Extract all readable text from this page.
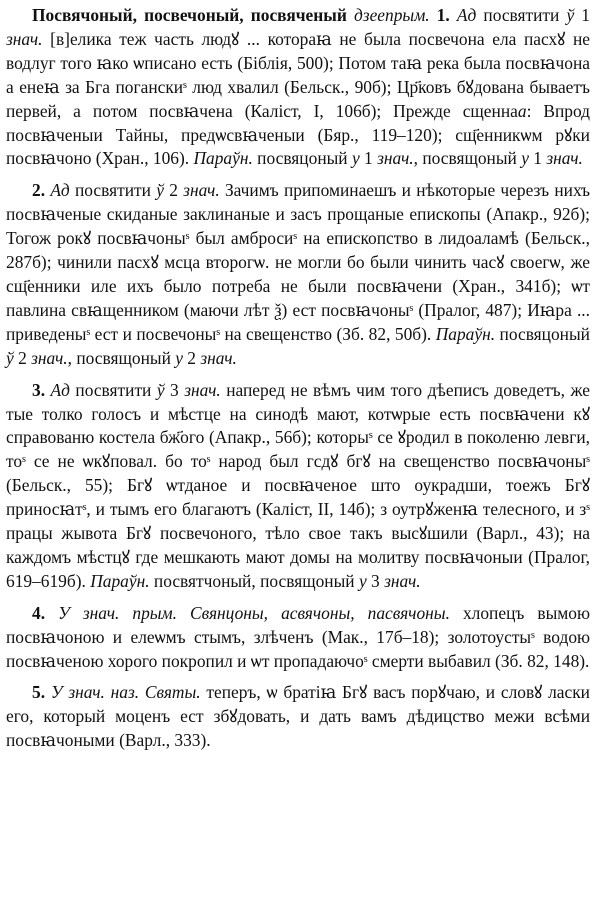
Посвячоный, посвечоный, посвяченый дзеепрым. 1. Ад посвятити ў 1 знач. [в]елика теж часть людꙋ ... котораꙗ не была посвечона ела пасхꙋ не водлуг того ꙗко ѡписано есть (Біблія, 500); Потом таꙗ река была посвꙗчона а енеꙗ за Бга поганскиˢ люд хвалил (Бельск., 90б); Цр҃ковъ бꙋдована бываетъ первей, а потом посвꙗчена (Каліст, I, 106б); Прежде сщеннаа: Впрод посвꙗченыи Тайны, предѡсвꙗченыи (Бяр., 119–120); сщ҃енникѡм рꙋки посвꙗчоно (Хран., 106). Параўн. посвяцоный у 1 знач., посвящоный у 1 знач.

2. Ад посвятити ў 2 знач. Зачимъ припоминаешъ и нѣкоторые черезъ нихъ посвꙗченые скиданые заклинаные и засъ прощаные епископы (Апакр., 92б); Тогож рокꙋ посвꙗчоныˢ был амбросиˢ на епископство в лидоаламѣ (Бельск., 287б); чинили пасхꙋ мсца второгѡ. не могли бо были чинить часꙋ своегѡ, же сщ҃енники иле ихъ было потреба не были посвꙗчени (Хран., 341б); ѡт павлина свꙗщенником (маючи лѣт ѯ) ест посвꙗчоныˢ (Пралог, 487); Иꙗра ... приведеныˢ ест и посвечоныˢ на свещенство (Зб. 82, 50б). Параўн. посвяцоный ў 2 знач., посвящоный у 2 знач.

3. Ад посвятити ў 3 знач. наперед не вѣмъ чим того дѣеписъ доведетъ, же тые толко голосъ и мѣстце на синодѣ мают, котѡрые есть посвꙗчени кꙋ справованю костела бж҃ого (Апакр., 56б); которыˢ се ꙋродил в поколеню левги, тоˢ се не ѡкꙋповал. бо тоˢ народ был гсдꙋ бгꙋ на свещенство посвꙗчоныˢ (Бельск., 55); Бгꙋ ѡтданое и посвꙗченое што оукрадши, тоежъ Бгꙋ приносꙗтˢ, и тымъ его благаютъ (Каліст, II, 14б); з оутрꙋженꙗ телесного, и зˢ працы жывота Бгꙋ посвечоного, тѣло свое такъ высꙋшили (Варл., 43); на каждомъ мѣстцꙋ где мешкають мают домы на молитву посвꙗчоныи (Пралог, 619–619б). Параўн. посвятчоный, посвящоный у 3 знач.

4. У знач. прым. Свянцоны, асвячоны, пасвячоны. хлопецъ вымою посвꙗчоною и елеѡмъ стымъ, злѣченъ (Мак., 17б–18); золотоустыˢ водою посвꙗченою хорого покропил и ѡт пропадаючоˢ смерти выбавил (Зб. 82, 148).

5. У знач. наз. Святы. теперъ, ѡ братіꙗ Бгꙋ васъ порꙋчаю, и словꙋ ласки его, который моценъ ест збꙋдовать, и дать вамъ дѣдицство межи всѣми посвꙗчоными (Варл., 333).
